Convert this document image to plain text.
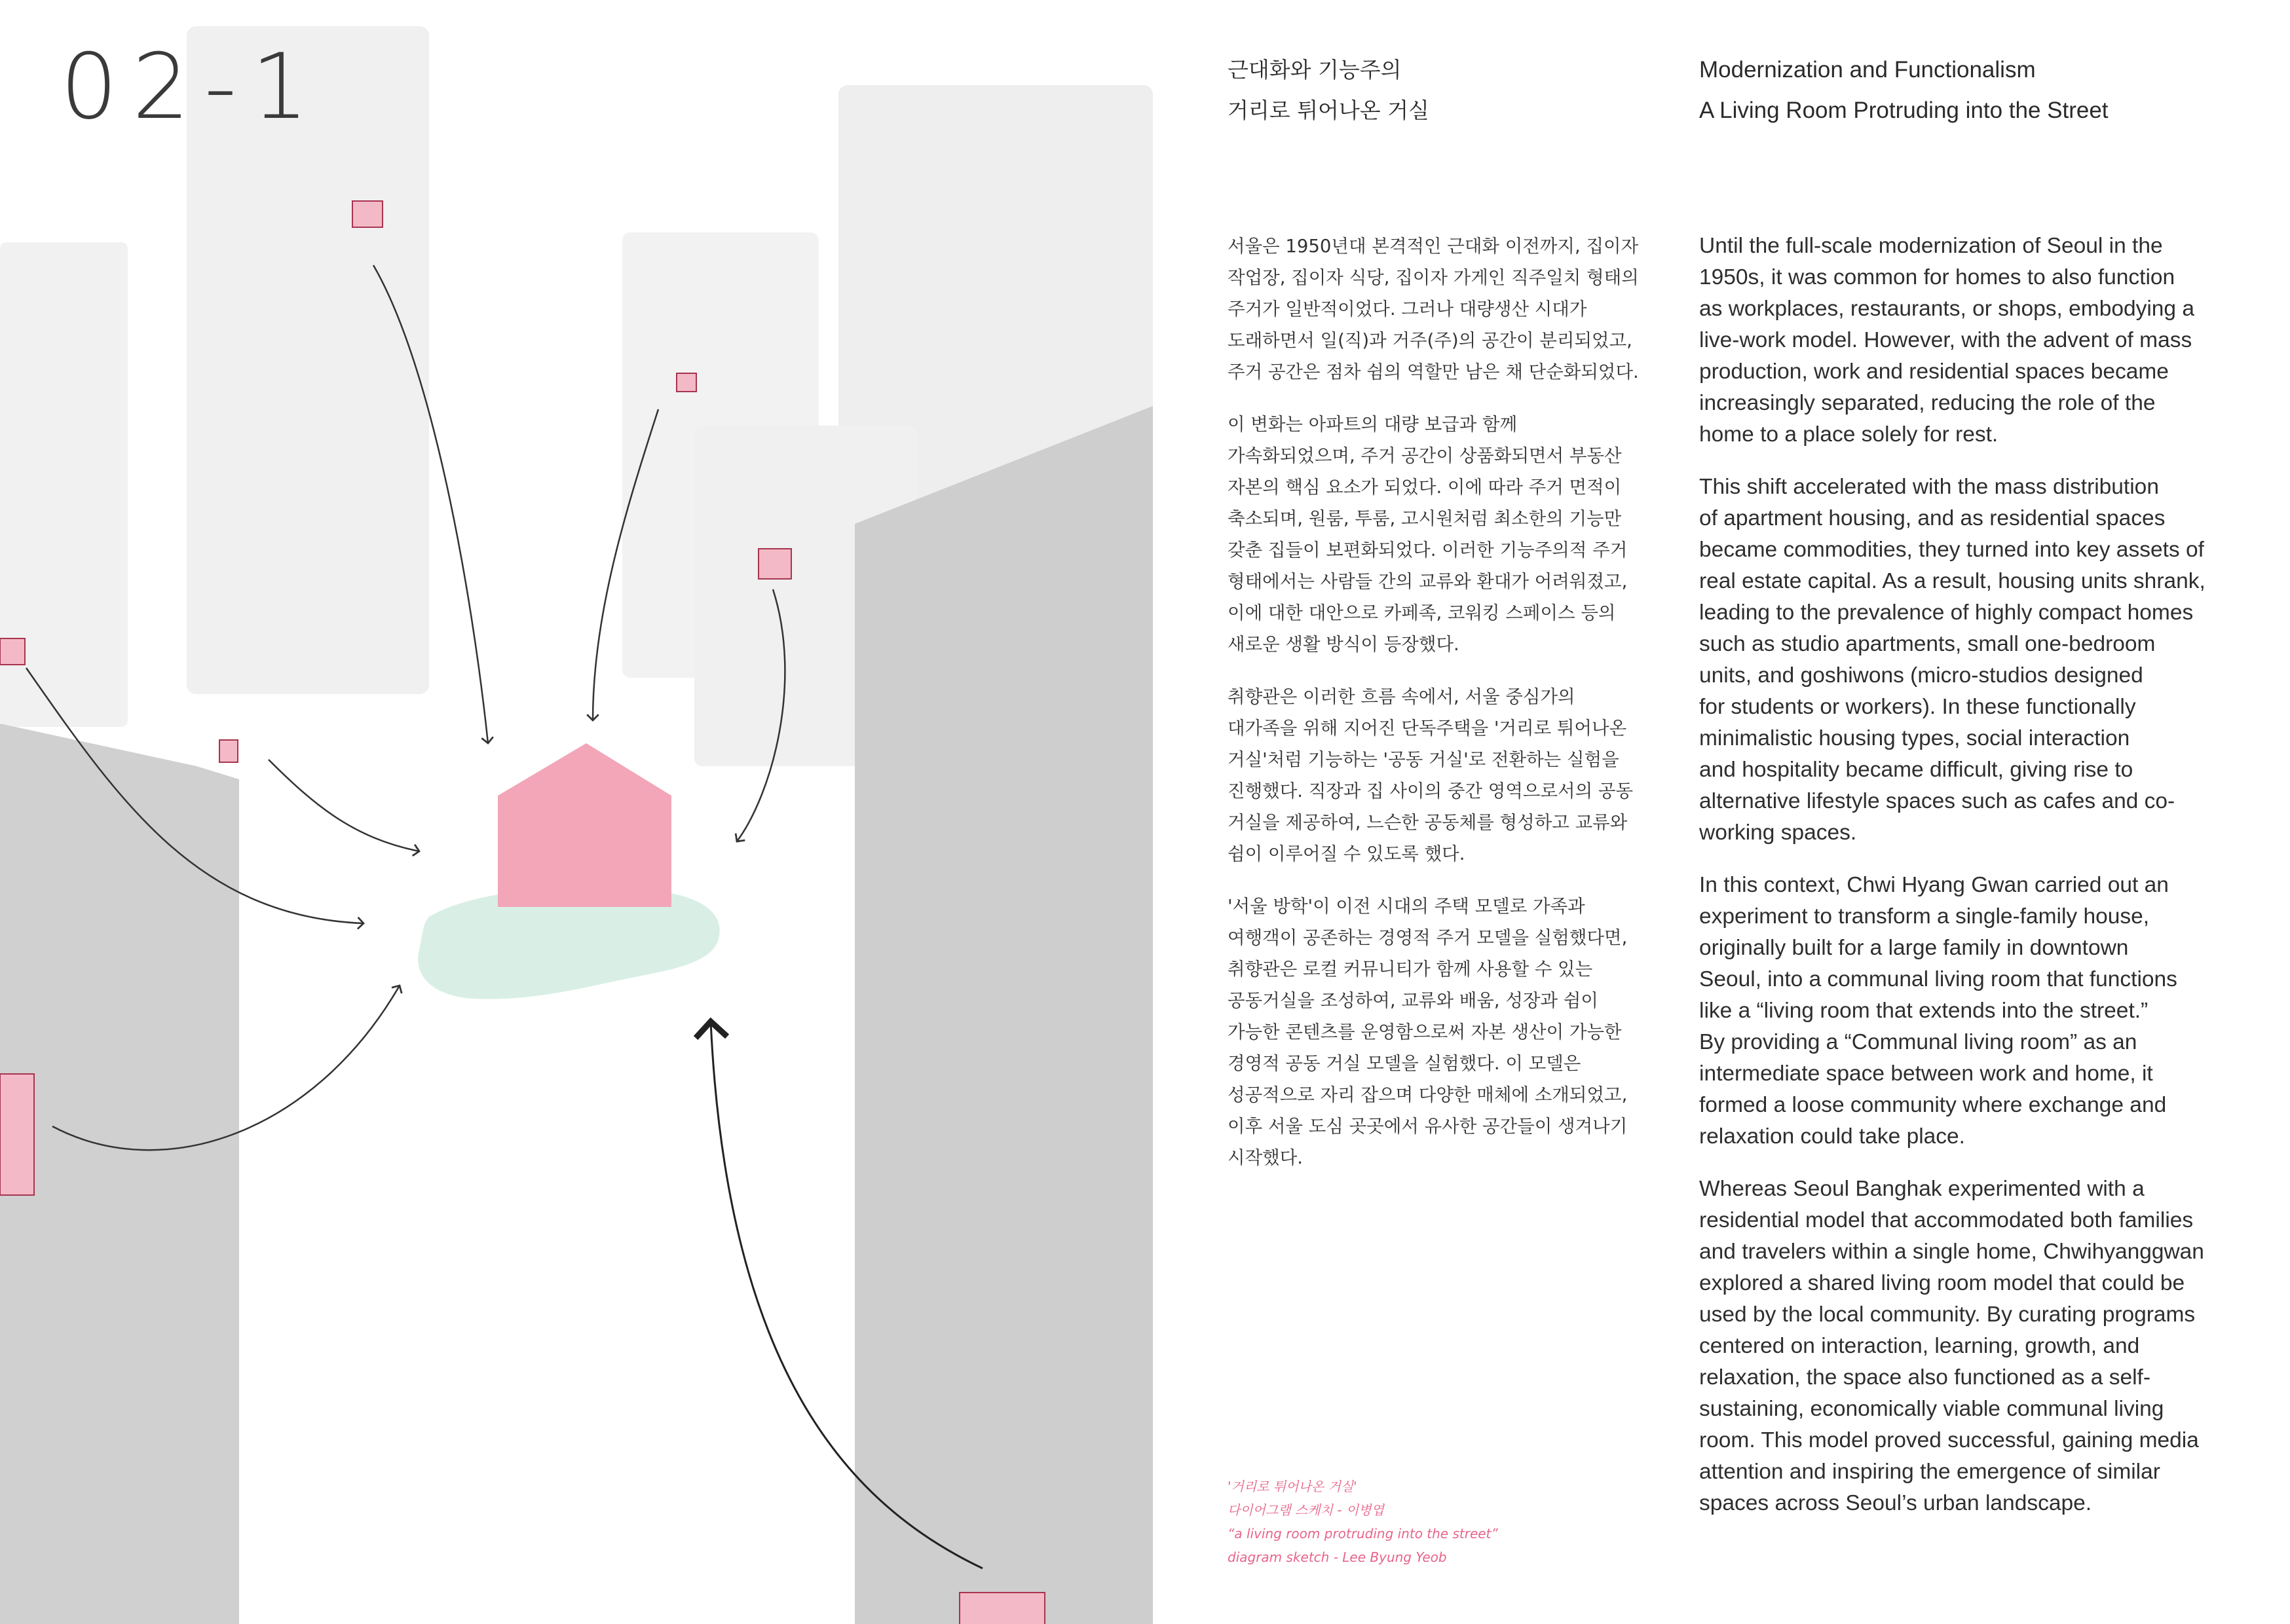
02-1	근대화와 기능주의
거리로 튀어나온 거실
Modernization and Functionalism
A Living Room Protruding into the Street

서울은 1950년대 본격적인 근대화 이전까지, 집이자
작업장, 집이자 식당, 집이자 가게인 직주일치 형태의
주거가 일반적이었다. 그러나 대량생산 시대가
도래하면서 일(직)과 거주(주)의 공간이 분리되었고,
주거 공간은 점차 쉼의 역할만 남은 채 단순화되었다.

이 변화는 아파트의 대량 보급과 함께
가속화되었으며, 주거 공간이 상품화되면서 부동산
자본의 핵심 요소가 되었다. 이에 따라 주거 면적이
축소되며, 원룸, 투룸, 고시원처럼 최소한의 기능만
갖춘 집들이 보편화되었다. 이러한 기능주의적 주거
형태에서는 사람들 간의 교류와 환대가 어려워졌고,
이에 대한 대안으로 카페족, 코워킹 스페이스 등의
새로운 생활 방식이 등장했다.

취향관은 이러한 흐름 속에서, 서울 중심가의
대가족을 위해 지어진 단독주택을 '거리로 튀어나온
거실'처럼 기능하는 '공동 거실'로 전환하는 실험을
진행했다. 직장과 집 사이의 중간 영역으로서의 공동
거실을 제공하여, 느슨한 공동체를 형성하고 교류와
쉼이 이루어질 수 있도록 했다.

'서울 방학'이 이전 시대의 주택 모델로 가족과
여행객이 공존하는 경영적 주거 모델을 실험했다면,
취향관은 로컬 커뮤니티가 함께 사용할 수 있는
공동거실을 조성하여, 교류와 배움, 성장과 쉼이
가능한 콘텐츠를 운영함으로써 자본 생산이 가능한
경영적 공동 거실 모델을 실험했다. 이 모델은
성공적으로 자리 잡으며 다양한 매체에 소개되었고,
이후 서울 도심 곳곳에서 유사한 공간들이 생겨나기
시작했다.

Until the full-scale modernization of Seoul in the
1950s, it was common for homes to also function
as workplaces, restaurants, or shops, embodying a
live-work model. However, with the advent of mass
production, work and residential spaces became
increasingly separated, reducing the role of the
home to a place solely for rest.

This shift accelerated with the mass distribution
of apartment housing, and as residential spaces
became commodities, they turned into key assets of
real estate capital. As a result, housing units shrank,
leading to the prevalence of highly compact homes
such as studio apartments, small one-bedroom
units, and goshiwons (micro-studios designed
for students or workers). In these functionally
minimalistic housing types, social interaction
and hospitality became difficult, giving rise to
alternative lifestyle spaces such as cafes and co-
working spaces.

In this context, Chwi Hyang Gwan carried out an
experiment to transform a single-family house,
originally built for a large family in downtown
Seoul, into a communal living room that functions
like a “living room that extends into the street.”
By providing a “Communal living room” as an
intermediate space between work and home, it
formed a loose community where exchange and
relaxation could take place.

Whereas Seoul Banghak experimented with a
residential model that accommodated both families
and travelers within a single home, Chwihyanggwan
explored a shared living room model that could be
used by the local community. By curating programs
centered on interaction, learning, growth, and
relaxation, the space also functioned as a self-
sustaining, economically viable communal living
room. This model proved successful, gaining media
attention and inspiring the emergence of similar
spaces across Seoul’s urban landscape.

'거리로 튀어나온 거실'
다이어그램 스케치 - 이병엽
“a living room protruding into the street”
diagram sketch - Lee Byung Yeob
